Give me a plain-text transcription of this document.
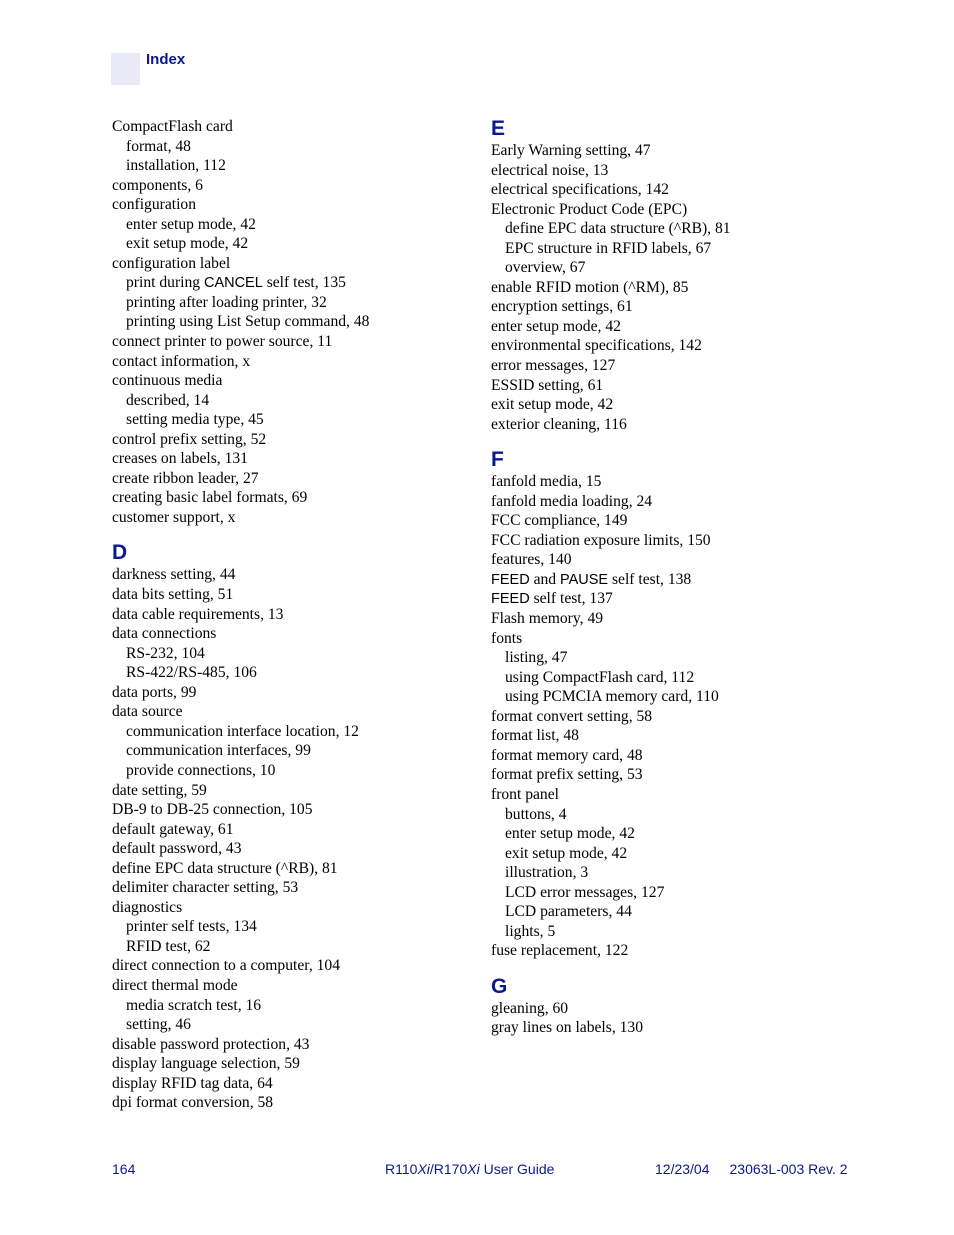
Index
CompactFlash card
format, 48
installation, 112
components, 6
configuration
enter setup mode, 42
exit setup mode, 42
configuration label
print during CANCEL self test, 135
printing after loading printer, 32
printing using List Setup command, 48
connect printer to power source, 11
contact information, x
continuous media
described, 14
setting media type, 45
control prefix setting, 52
creases on labels, 131
create ribbon leader, 27
creating basic label formats, 69
customer support, x
D
darkness setting, 44
data bits setting, 51
data cable requirements, 13
data connections
RS-232, 104
RS-422/RS-485, 106
data ports, 99
data source
communication interface location, 12
communication interfaces, 99
provide connections, 10
date setting, 59
DB-9 to DB-25 connection, 105
default gateway, 61
default password, 43
define EPC data structure (^RB), 81
delimiter character setting, 53
diagnostics
printer self tests, 134
RFID test, 62
direct connection to a computer, 104
direct thermal mode
media scratch test, 16
setting, 46
disable password protection, 43
display language selection, 59
display RFID tag data, 64
dpi format conversion, 58
E
Early Warning setting, 47
electrical noise, 13
electrical specifications, 142
Electronic Product Code (EPC)
define EPC data structure (^RB), 81
EPC structure in RFID labels, 67
overview, 67
enable RFID motion (^RM), 85
encryption settings, 61
enter setup mode, 42
environmental specifications, 142
error messages, 127
ESSID setting, 61
exit setup mode, 42
exterior cleaning, 116
F
fanfold media, 15
fanfold media loading, 24
FCC compliance, 149
FCC radiation exposure limits, 150
features, 140
FEED and PAUSE self test, 138
FEED self test, 137
Flash memory, 49
fonts
listing, 47
using CompactFlash card, 112
using PCMCIA memory card, 110
format convert setting, 58
format list, 48
format memory card, 48
format prefix setting, 53
front panel
buttons, 4
enter setup mode, 42
exit setup mode, 42
illustration, 3
LCD error messages, 127
LCD parameters, 44
lights, 5
fuse replacement, 122
G
gleaning, 60
gray lines on labels, 130
164	R110Xi/R170Xi User Guide	12/23/04 23063L-003 Rev. 2
